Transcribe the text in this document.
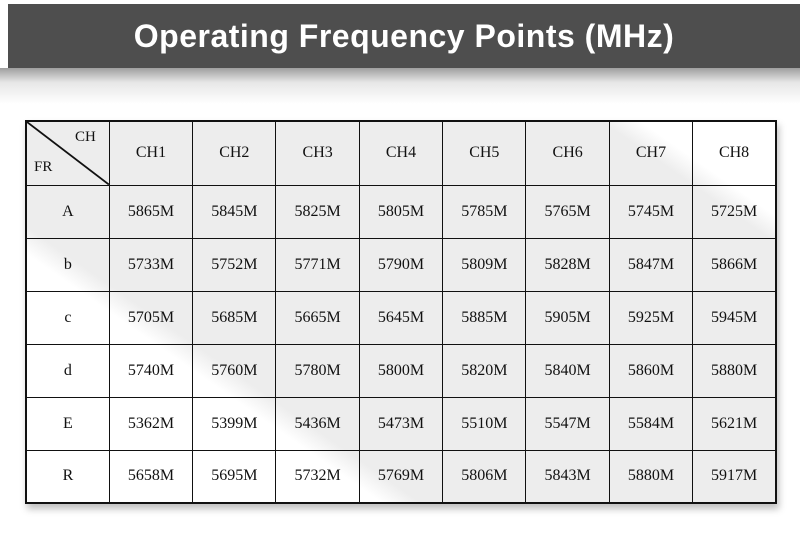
Operating Frequency Points (MHz)
CH
FR	CH1	CH2	CH3	CH4	CH5	CH6	CH7	CH8
A	5865M	5845M	5825M	5805M	5785M	5765M	5745M	5725M
b	5733M	5752M	5771M	5790M	5809M	5828M	5847M	5866M
c	5705M	5685M	5665M	5645M	5885M	5905M	5925M	5945M
d	5740M	5760M	5780M	5800M	5820M	5840M	5860M	5880M
E	5362M	5399M	5436M	5473M	5510M	5547M	5584M	5621M
R	5658M	5695M	5732M	5769M	5806M	5843M	5880M	5917M
